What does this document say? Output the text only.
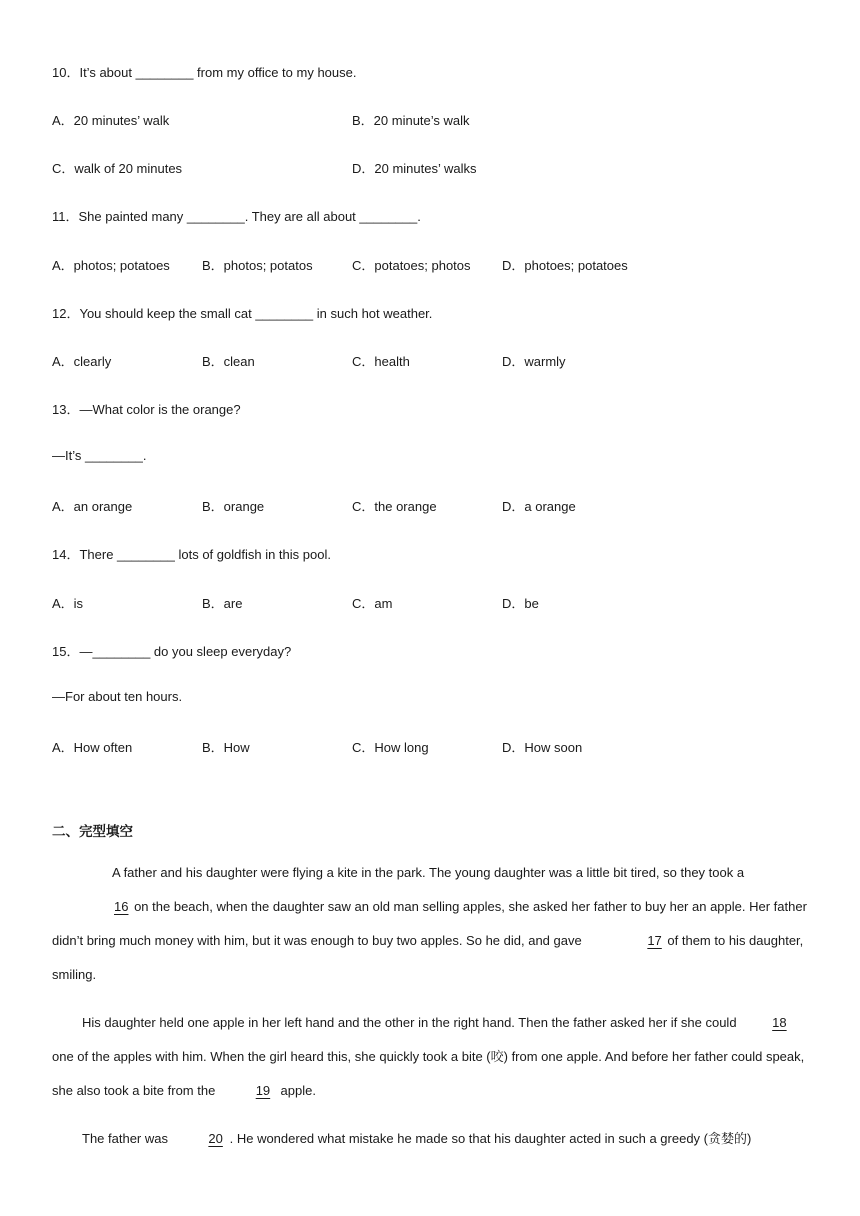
10．It’s about ________ from my office to my house.
A．20 minutes’ walk	B．20 minute’s walk
C．walk of 20 minutes	D．20 minutes’ walks
11．She painted many ________. They are all about ________.
A．photos; potatoes B．photos; potatos	C．potatoes; photos D．photoes; potatoes
12．You should keep the small cat ________ in such hot weather.
A．clearly	B．clean	C．health	D．warmly
13．—What color is the orange?
—It’s ________.
A．an orange	B．orange	C．the orange	D．a orange
14．There ________ lots of goldfish in this pool.
A．is	B．are	C．am	D．be
15．—________ do you sleep everyday?
—For about ten hours.
A．How often	B．How	C．How long	D．How soon
二、完型填空
A father and his daughter were flying a kite in the park. The young daughter was a little bit tired, so they took a 16 on the beach, when the daughter saw an old man selling apples, she asked her father to buy her an apple. Her father didn’t bring much money with him, but it was enough to buy two apples. So he did, and gave	17 of them to his daughter, smiling.
His daughter held one apple in her left hand and the other in the right hand. Then the father asked her if she could 18 one of the apples with him. When the girl heard this, she quickly took a bite (咬) from one apple. And before her father could speak, she also took a bite from the	19 apple.
The father was	20 . He wondered what mistake he made so that his daughter acted in such a greedy (贪婪的)
